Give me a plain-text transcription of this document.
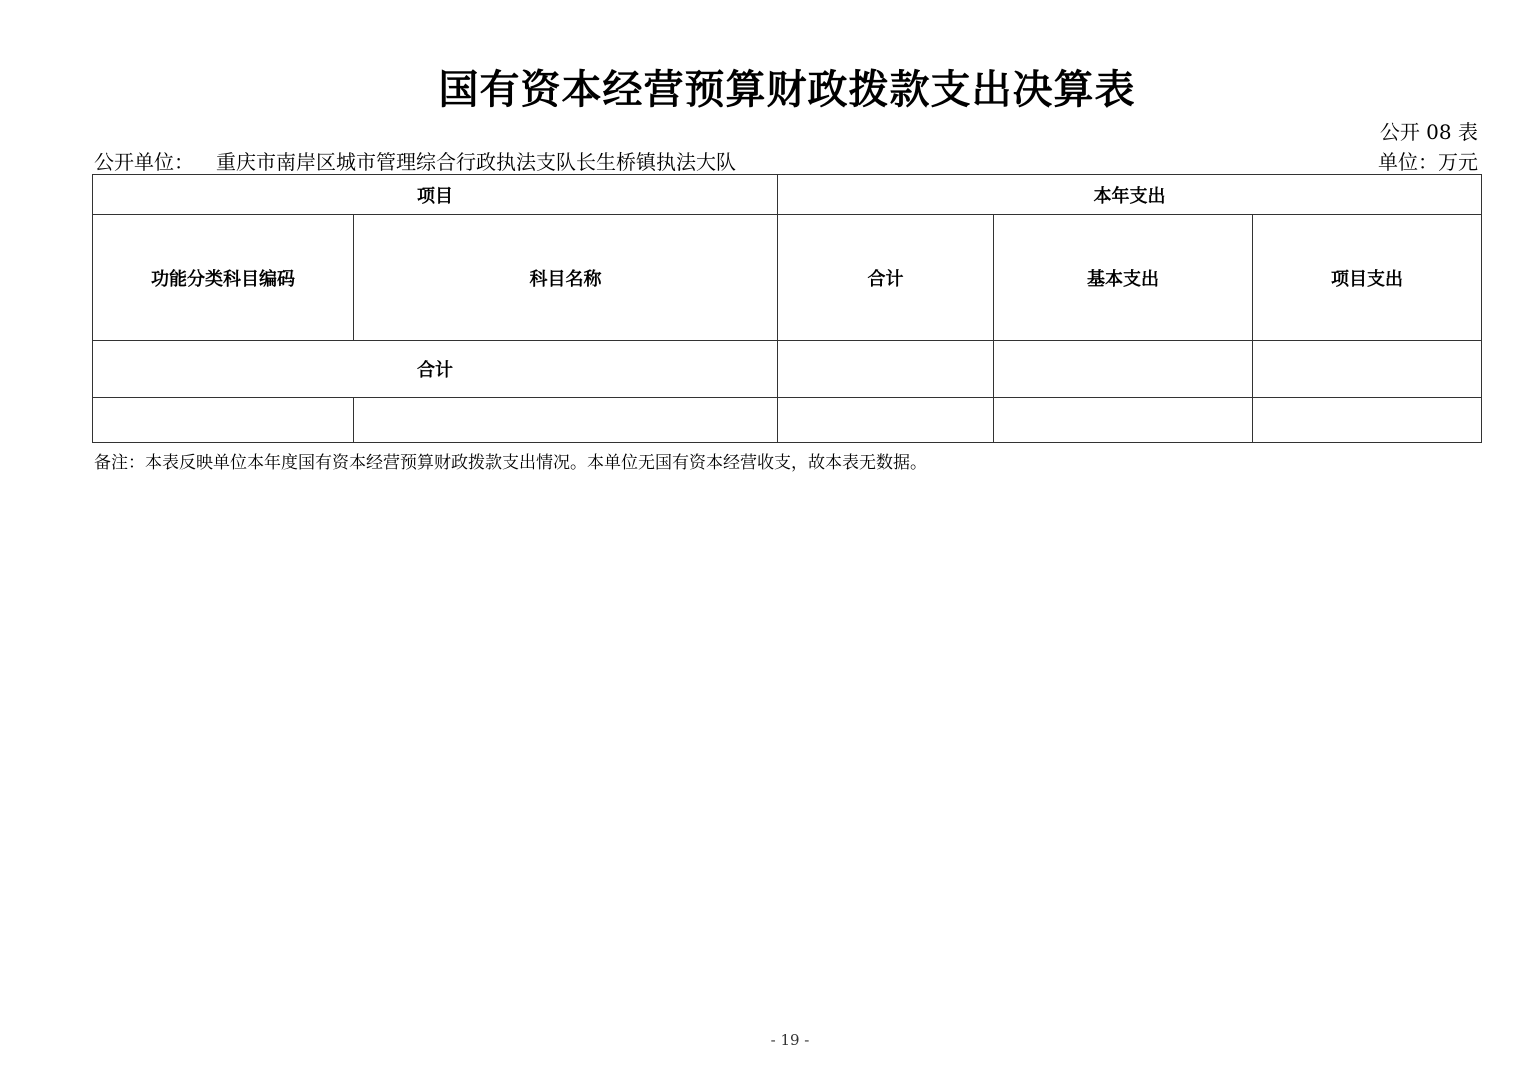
国有资本经营预算财政拨款支出决算表
公开 08 表
公开单位： 重庆市南岸区城市管理综合行政执法支队长生桥镇执法大队	单位：万元
项目		本年支出		
功能分类科目编码	科目名称	合计	基本支出	项目支出
合计				

备注：本表反映单位本年度国有资本经营预算财政拨款支出情况。本单位无国有资本经营收支，故本表无数据。
- 19 -
